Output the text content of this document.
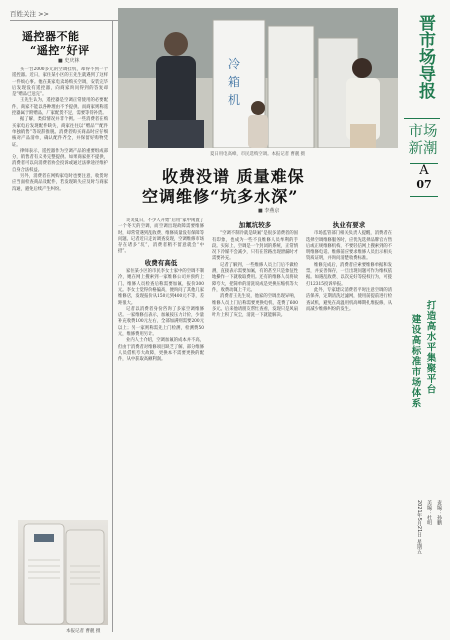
百姓关注 >>
遥控器不能
“遥控”好评
■ 史庆林

买一台2000多元的空调挂机，却得不到一个遥控器。近日，家住某小区的王先生就遇到了这样一件烦心事。他在某家电卖场购买空调，安装完毕后发现没有遥控器，向商家询问得到的答复却是“赠品已送完”。

王先生认为，遥控器是空调正常使用的必要配件，商家不能以各种理由不予提供。而商家则称遥控器属于附赠品，厂家配货不足，需要等待补货。

据了解，类似情况并非个例。一些消费者在购买家电后发现配件缺失，商家往往以“赠品”“配件单独销售”等说辞推脱。消费者购买商品时应仔细核对产品清单，确认配件齐全，并保留好购物凭证。

律师表示，遥控器作为空调产品的重要组成部分，销售者有义务完整提供。如果商家拒不提供，消费者可以向消费者协会投诉或通过法律途径维护自身合法权益。

另外，消费者在网购家电时也要注意，收货时应当面检查商品及配件，若发现缺失应及时与商家沟通，避免后续产生纠纷。

本报记者 曹靓 摄
冷
箱
机
夏日用电高峰，市民选购空调。本报记者 曹靓 摄
晋市场导报
市场新潮
A
07
收费没谱 质量难保
空调维修“坑多水深”
■ 李燕京

炎炎夏日，不少人开始“启用”家中闲置了一个冬天的空调，而空调出现故障需要维修时，却常常遇到乱收费、维修质量没有保障等问题。记者近日走访调查发现，空调维修市场存在诸多“坑”，消费者稍不留意就会“中招”。

收费有高低

家住某小区的市民李女士家中的空调不制冷，她在网上搜索到一家维修公司并预约上门。维修人员检查后称需要加氟，报价300元。李女士觉得价格偏高，便询问了其他几家维修店，发现报价从150元到400元不等，差距很大。

记者以消费者身份咨询了多家空调维修店。一家维修点表示，加氟按压力计价，少量补充收费100元左右，全部加满则需要200元以上；另一家则称需先上门检测，检测费50元，维修费用另计。

业内人士介绍，空调加氟的成本并不高，但由于消费者对维修项目缺乏了解，部分维修人员借机夸大故障，更换本不需要更换的配件，从中获取高额利润。

加氟坑较多

“空调不制冷就是缺氟”是很多消费者的固有印象，也成为一些不良维修人员牟利的手段。实际上，空调是一个封闭的系统，正常情况下冷媒不会减少，只有在管路出现泄漏时才需要补充。

记者了解到，一些维修人员上门后不做检测，直接表示需要加氟，有的甚至只是象征性地操作一下就收取费用。还有的维修人员将故障夸大，把简单的清洗说成是更换压缩机等大件，收费动辄上千元。

消费者王先生说，他家的空调出现异响，维修人员上门后称需要更换电机，花费了600多元。后来他请朋友帮忙查看，发现只是风扇叶片上积了灰尘，清洗一下就能解决。

执业有要求

市场监管部门相关负责人提醒，消费者在选择空调维修服务时，应优先选择品牌官方售后或正规维修机构，不要轻信网上搜索到的不明维修电话。维修前应要求维修人员出示相关资质证明，并询问清楚收费标准。

维修完成后，消费者应索要维修单据和发票，并妥善保存，一旦出现问题可作为维权依据。如遇乱收费、以次充好等侵权行为，可拨打12315投诉举报。

此外，专家建议消费者平时注意空调的清洁保养，定期清洗过滤网，使用前提前进行检查试机，避免在高温用机高峰期扎堆报修，从而减少维修纠纷的发生。	打造高水平集聚平台
建设高标准市场体系
责编：孙鹏
美编：杜明
2021年5月21日 星期五
